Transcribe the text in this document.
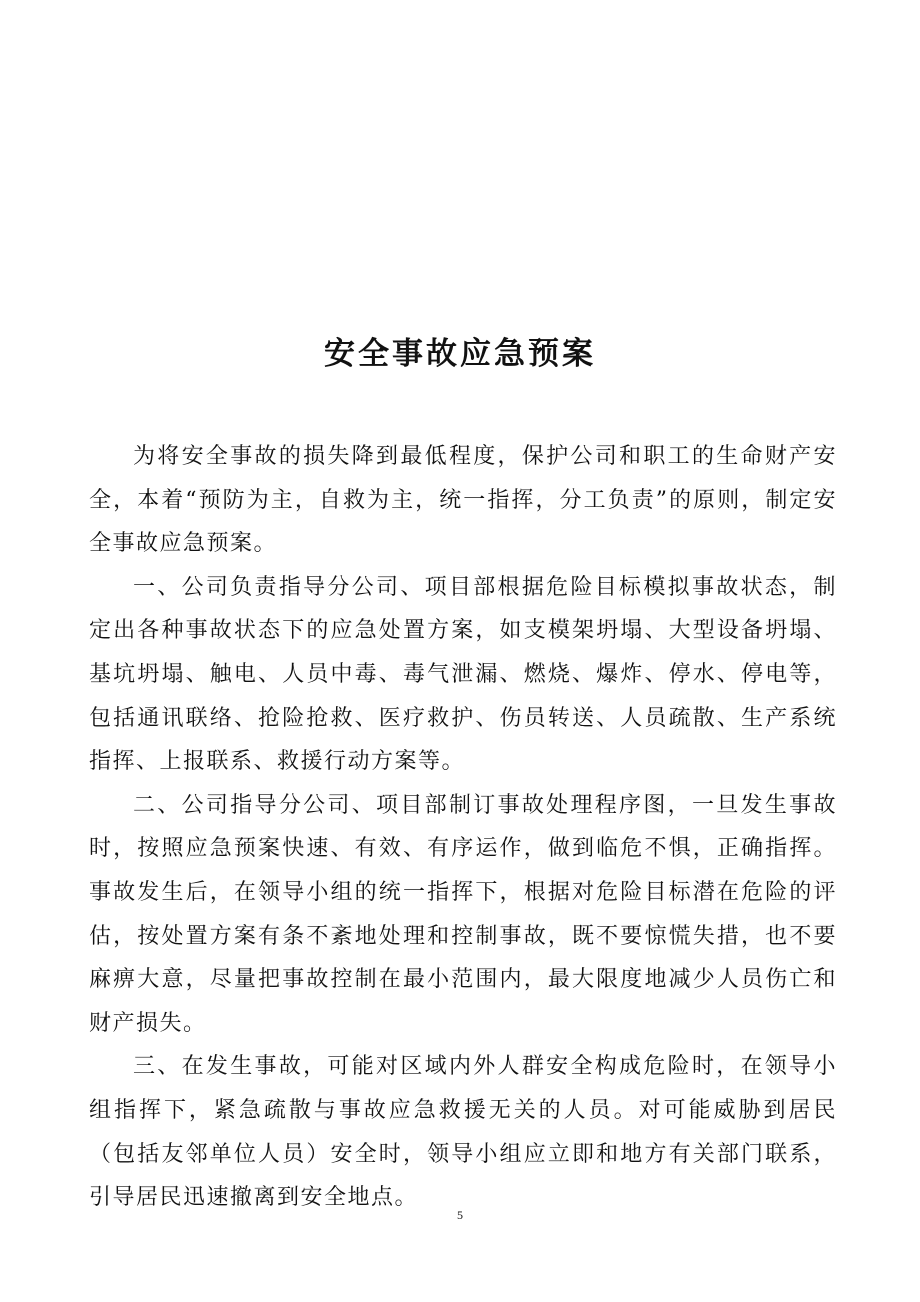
安全事故应急预案

为将安全事故的损失降到最低程度，保护公司和职工的生命财产安全，本着“预防为主，自救为主，统一指挥，分工负责”的原则，制定安全事故应急预案。

一、公司负责指导分公司、项目部根据危险目标模拟事故状态，制定出各种事故状态下的应急处置方案，如支模架坍塌、大型设备坍塌、基坑坍塌、触电、人员中毒、毒气泄漏、燃烧、爆炸、停水、停电等，包括通讯联络、抢险抢救、医疗救护、伤员转送、人员疏散、生产系统指挥、上报联系、救援行动方案等。

二、公司指导分公司、项目部制订事故处理程序图，一旦发生事故时，按照应急预案快速、有效、有序运作，做到临危不惧，正确指挥。事故发生后，在领导小组的统一指挥下，根据对危险目标潜在危险的评估，按处置方案有条不紊地处理和控制事故，既不要惊慌失措，也不要麻痹大意，尽量把事故控制在最小范围内，最大限度地减少人员伤亡和财产损失。

三、在发生事故，可能对区域内外人群安全构成危险时，在领导小组指挥下，紧急疏散与事故应急救援无关的人员。对可能威胁到居民（包括友邻单位人员）安全时，领导小组应立即和地方有关部门联系，引导居民迅速撤离到安全地点。

5
